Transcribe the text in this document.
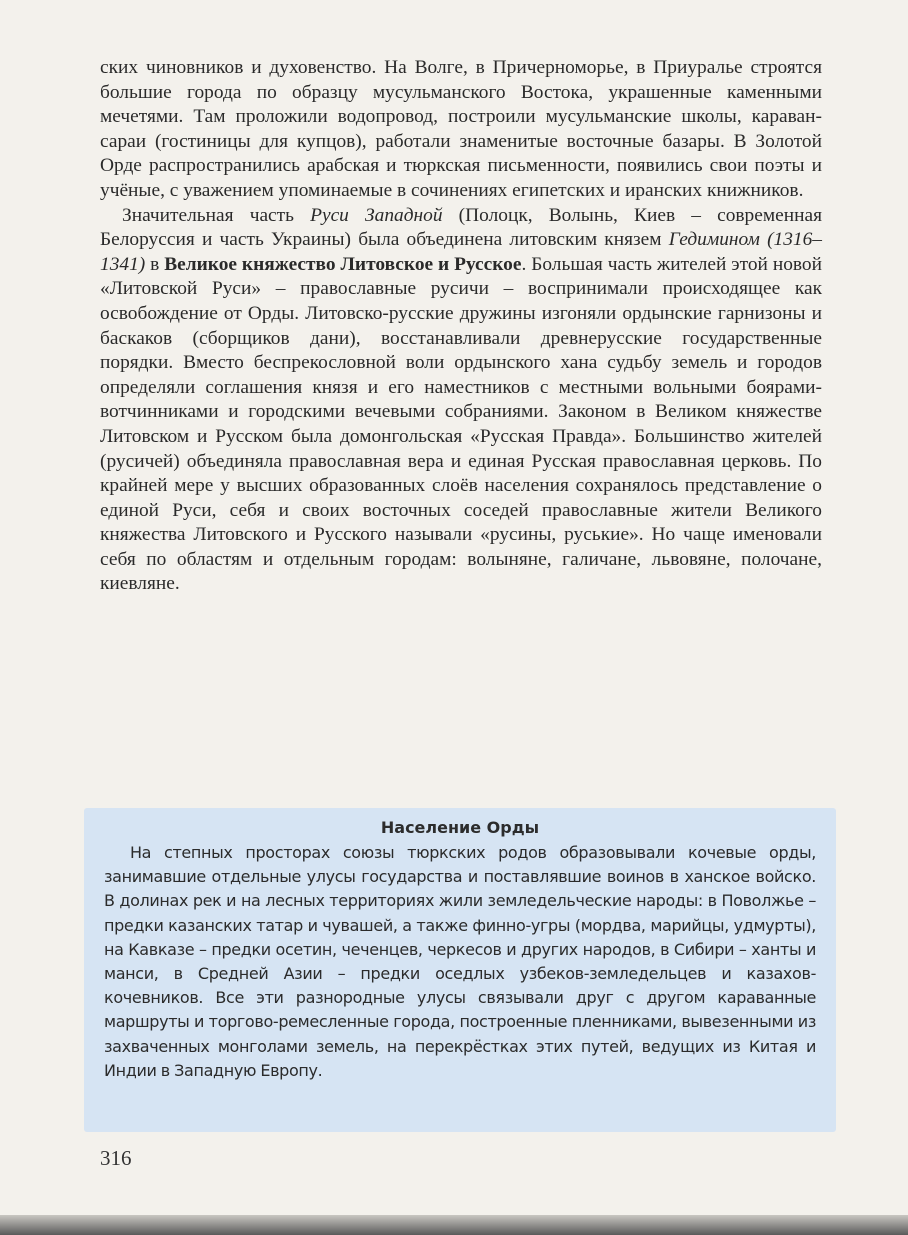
ских чиновников и духовенство. На Волге, в Причерноморье, в Приуралье строятся большие города по образцу мусульманского Востока, украшенные каменными мечетями. Там проложили водопровод, построили мусульманские школы, караван-сараи (гостиницы для купцов), работали знаменитые восточные базары. В Золотой Орде распространились арабская и тюркская письменности, появились свои поэты и учёные, с уважением упоминаемые в сочинениях египетских и иранских книжников.

Значительная часть Руси Западной (Полоцк, Волынь, Киев – современная Белоруссия и часть Украины) была объединена литовским князем Гедимином (1316–1341) в Великое княжество Литовское и Русское. Большая часть жителей этой новой «Литовской Руси» – православные русичи – воспринимали происходящее как освобождение от Орды. Литовско-русские дружины изгоняли ордынские гарнизоны и баскаков (сборщиков дани), восстанавливали древнерусские государственные порядки. Вместо беспрекословной воли ордынского хана судьбу земель и городов определяли соглашения князя и его наместников с местными вольными боярами-вотчинниками и городскими вечевыми собраниями. Законом в Великом княжестве Литовском и Русском была домонгольская «Русская Правда». Большинство жителей (русичей) объединяла православная вера и единая Русская православная церковь. По крайней мере у высших образованных слоёв населения сохранялось представление о единой Руси, себя и своих восточных соседей православные жители Великого княжества Литовского и Русского называли «русины, руськие». Но чаще именовали себя по областям и отдельным городам: волыняне, галичане, львовяне, полочане, киевляне.

Население Орды

На степных просторах союзы тюркских родов образовывали кочевые орды, занимавшие отдельные улусы государства и поставлявшие воинов в ханское войско. В долинах рек и на лесных территориях жили земледельческие народы: в Поволжье – предки казанских татар и чувашей, а также финно-угры (мордва, марийцы, удмурты), на Кавказе – предки осетин, чеченцев, черкесов и других народов, в Сибири – ханты и манси, в Средней Азии – предки оседлых узбеков-земледельцев и казахов-кочевников. Все эти разнородные улусы связывали друг с другом караванные маршруты и торгово-ремесленные города, построенные пленниками, вывезенными из захваченных монголами земель, на перекрёстках этих путей, ведущих из Китая и Индии в Западную Европу.

316
